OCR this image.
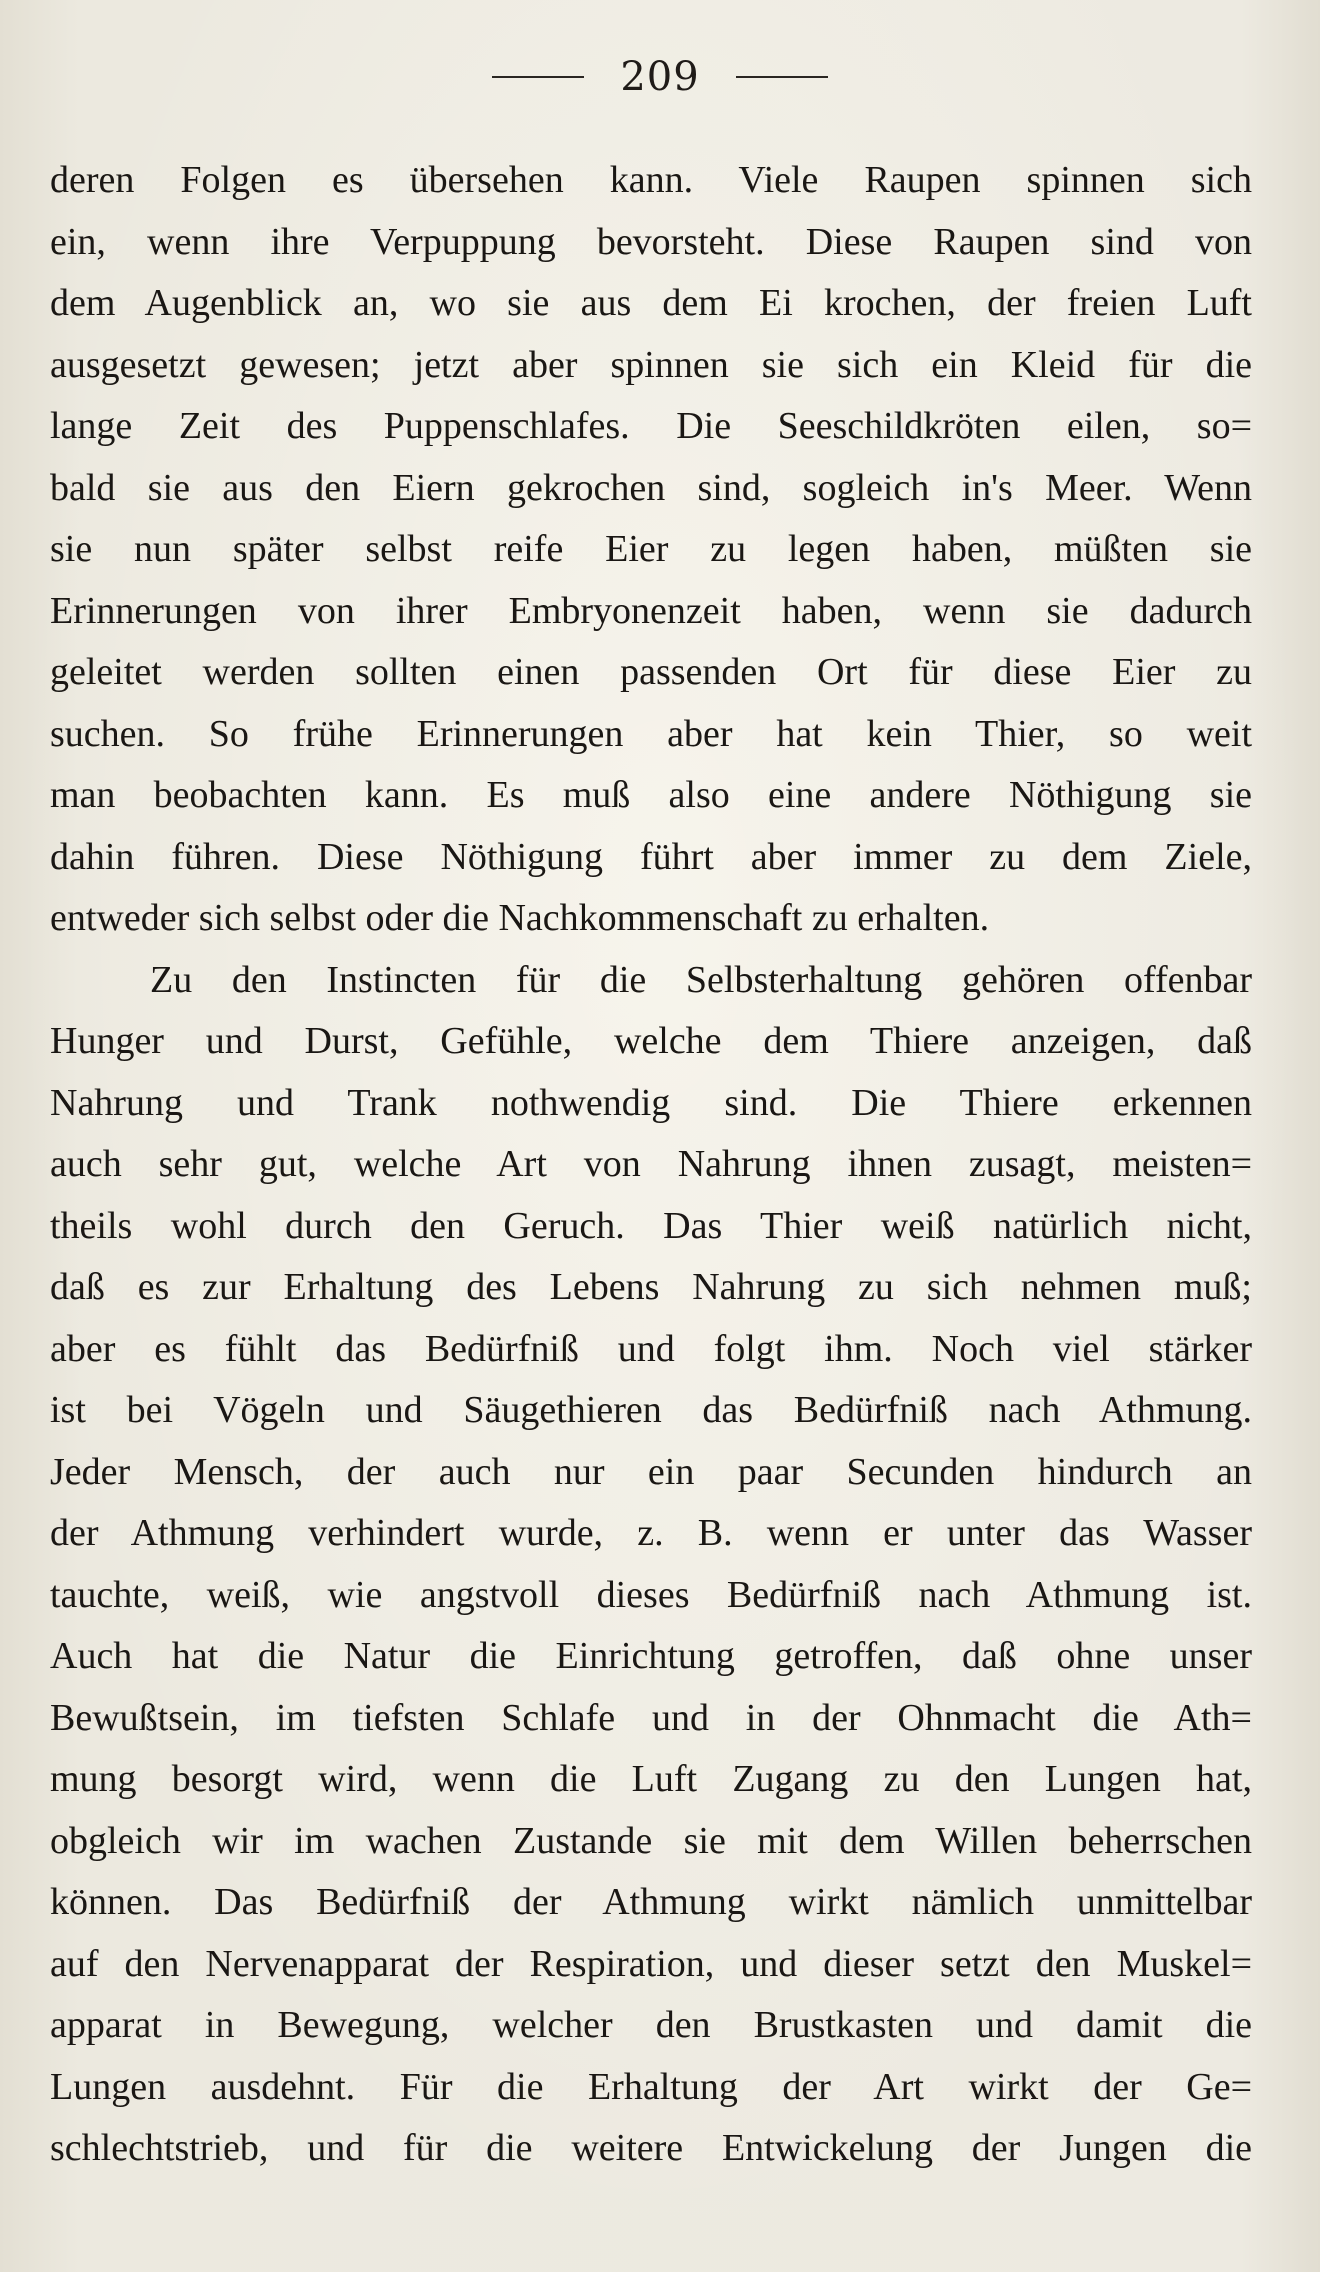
209
deren Folgen es übersehen kann. Viele Raupen spinnen sich
ein, wenn ihre Verpuppung bevorsteht. Diese Raupen sind von
dem Augenblick an, wo sie aus dem Ei krochen, der freien Luft
ausgesetzt gewesen; jetzt aber spinnen sie sich ein Kleid für die
lange Zeit des Puppenschlafes. Die Seeschildkröten eilen, so=
bald sie aus den Eiern gekrochen sind, sogleich in's Meer. Wenn
sie nun später selbst reife Eier zu legen haben, müßten sie
Erinnerungen von ihrer Embryonenzeit haben, wenn sie dadurch
geleitet werden sollten einen passenden Ort für diese Eier zu
suchen. So frühe Erinnerungen aber hat kein Thier, so weit
man beobachten kann. Es muß also eine andere Nöthigung sie
dahin führen. Diese Nöthigung führt aber immer zu dem Ziele,
entweder sich selbst oder die Nachkommenschaft zu erhalten.
Zu den Instincten für die Selbsterhaltung gehören offenbar
Hunger und Durst, Gefühle, welche dem Thiere anzeigen, daß
Nahrung und Trank nothwendig sind. Die Thiere erkennen
auch sehr gut, welche Art von Nahrung ihnen zusagt, meisten=
theils wohl durch den Geruch. Das Thier weiß natürlich nicht,
daß es zur Erhaltung des Lebens Nahrung zu sich nehmen muß;
aber es fühlt das Bedürfniß und folgt ihm. Noch viel stärker
ist bei Vögeln und Säugethieren das Bedürfniß nach Athmung.
Jeder Mensch, der auch nur ein paar Secunden hindurch an
der Athmung verhindert wurde, z. B. wenn er unter das Wasser
tauchte, weiß, wie angstvoll dieses Bedürfniß nach Athmung ist.
Auch hat die Natur die Einrichtung getroffen, daß ohne unser
Bewußtsein, im tiefsten Schlafe und in der Ohnmacht die Ath=
mung besorgt wird, wenn die Luft Zugang zu den Lungen hat,
obgleich wir im wachen Zustande sie mit dem Willen beherrschen
können. Das Bedürfniß der Athmung wirkt nämlich unmittelbar
auf den Nervenapparat der Respiration, und dieser setzt den Muskel=
apparat in Bewegung, welcher den Brustkasten und damit die
Lungen ausdehnt. Für die Erhaltung der Art wirkt der Ge=
schlechtstrieb, und für die weitere Entwickelung der Jungen die
